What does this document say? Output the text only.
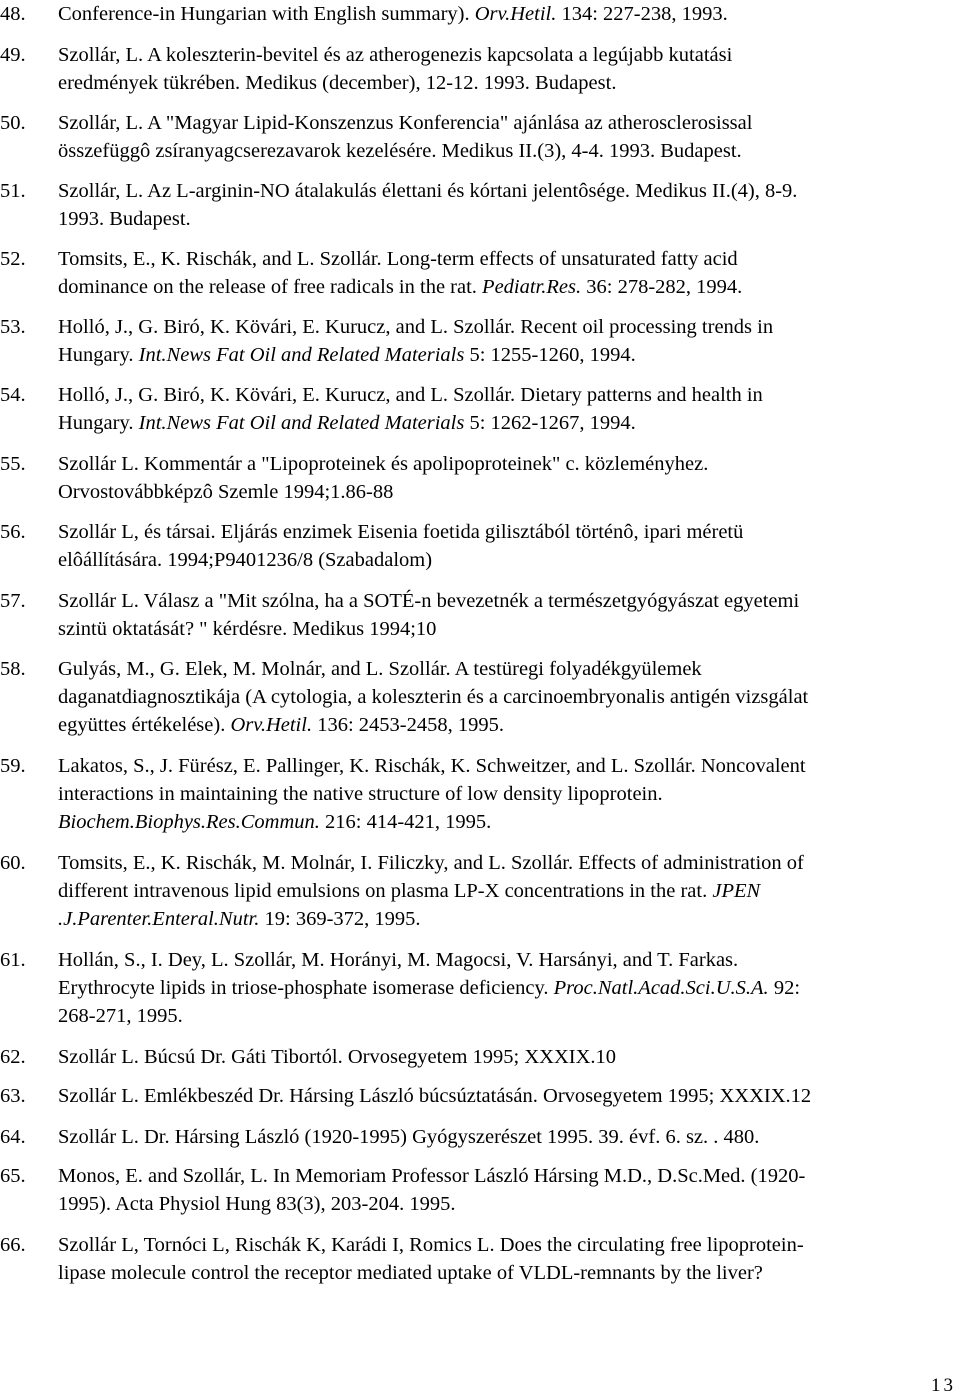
48. Conference-in Hungarian with English summary). Orv.Hetil. 134: 227-238, 1993.
49. Szollár, L. A koleszterin-bevitel és az atherogenezis kapcsolata a legújabb kutatási
eredmények tükrében. Medikus (december), 12-12. 1993. Budapest.
50. Szollár, L. A "Magyar Lipid-Konszenzus Konferencia" ajánlása az atherosclerosissal
összefüggô zsíranyagcserezavarok kezelésére. Medikus II.(3), 4-4. 1993. Budapest.
51. Szollár, L. Az L-arginin-NO átalakulás élettani és kórtani jelentôsége. Medikus II.(4), 8-9.
1993. Budapest.
52. Tomsits, E., K. Rischák, and L. Szollár. Long-term effects of unsaturated fatty acid
dominance on the release of free radicals in the rat. Pediatr.Res. 36: 278-282, 1994.
53. Holló, J., G. Biró, K. Kövári, E. Kurucz, and L. Szollár. Recent oil processing trends in
Hungary. Int.News Fat Oil and Related Materials 5: 1255-1260, 1994.
54. Holló, J., G. Biró, K. Kövári, E. Kurucz, and L. Szollár. Dietary patterns and health in
Hungary. Int.News Fat Oil and Related Materials 5: 1262-1267, 1994.
55. Szollár L. Kommentár a "Lipoproteinek és apolipoproteinek" c. közleményhez.
Orvostovábbképzô Szemle 1994;1.86-88
56. Szollár L, és társai. Eljárás enzimek Eisenia foetida gilisztából történô, ipari méretü
elôállítására. 1994;P9401236/8 (Szabadalom)
57. Szollár L. Válasz a "Mit szólna, ha a SOTÉ-n bevezetnék a természetgyógyászat egyetemi
szintü oktatását? " kérdésre. Medikus 1994;10
58. Gulyás, M., G. Elek, M. Molnár, and L. Szollár. A testüregi folyadékgyülemek
daganatdiagnosztikája (A cytologia, a koleszterin és a carcinoembryonalis antigén vizsgálat
együttes értékelése). Orv.Hetil. 136: 2453-2458, 1995.
59. Lakatos, S., J. Fürész, E. Pallinger, K. Rischák, K. Schweitzer, and L. Szollár. Noncovalent
interactions in maintaining the native structure of low density lipoprotein.
Biochem.Biophys.Res.Commun. 216: 414-421, 1995.
60. Tomsits, E., K. Rischák, M. Molnár, I. Filiczky, and L. Szollár. Effects of administration of
different intravenous lipid emulsions on plasma LP-X concentrations in the rat. JPEN
.J.Parenter.Enteral.Nutr. 19: 369-372, 1995.
61. Hollán, S., I. Dey, L. Szollár, M. Horányi, M. Magocsi, V. Harsányi, and T. Farkas.
Erythrocyte lipids in triose-phosphate isomerase deficiency. Proc.Natl.Acad.Sci.U.S.A. 92:
268-271, 1995.
62. Szollár L. Búcsú Dr. Gáti Tibortól. Orvosegyetem 1995; XXXIX.10
63. Szollár L. Emlékbeszéd Dr. Hársing László búcsúztatásán. Orvosegyetem 1995; XXXIX.12
64. Szollár L. Dr. Hársing László (1920-1995) Gyógyszerészet 1995. 39. évf. 6. sz. . 480.
65. Monos, E. and Szollár, L. In Memoriam Professor László Hársing M.D., D.Sc.Med. (1920-
1995). Acta Physiol Hung 83(3), 203-204. 1995.
66. Szollár L, Tornóci L, Rischák K, Karádi I, Romics L. Does the circulating free lipoprotein-
lipase molecule control the receptor mediated uptake of VLDL-remnants by the liver?
13
